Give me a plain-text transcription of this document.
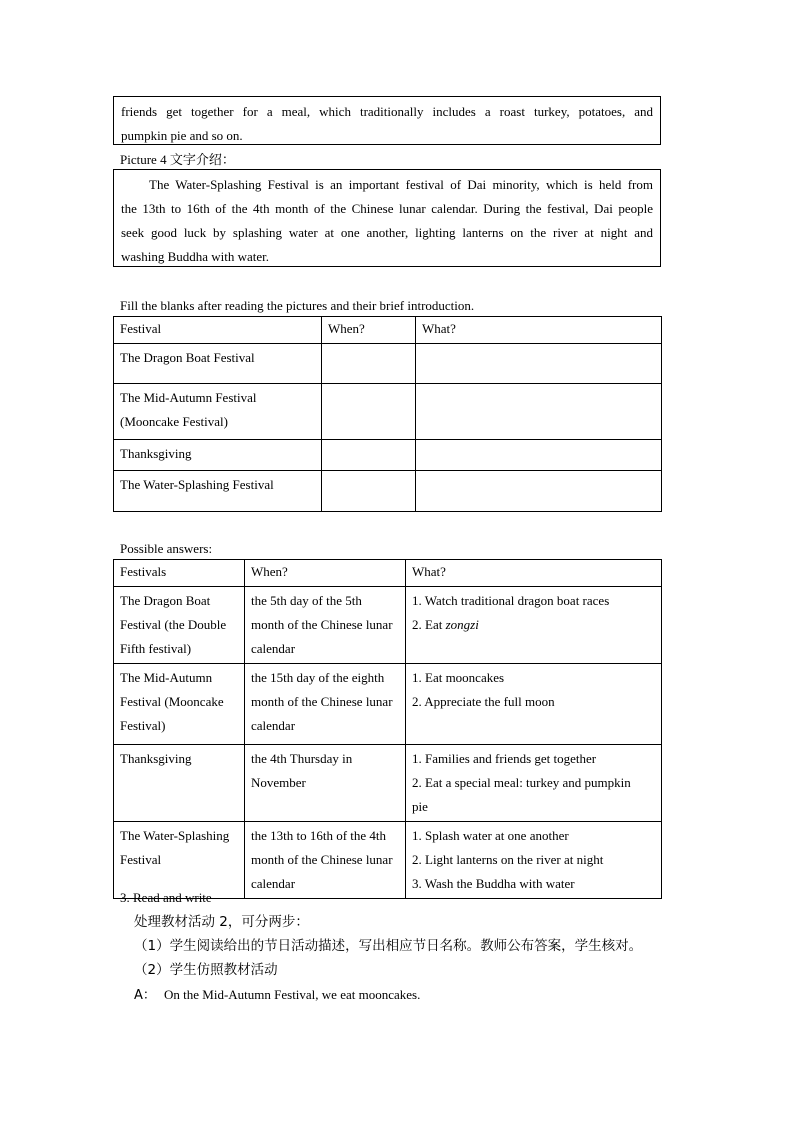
friends get together for a meal, which traditionally includes a roast turkey, potatoes, and
pumpkin pie and so on.
Picture 4 文字介绍：
The Water-Splashing Festival is an important festival of Dai minority, which is held from
the 13th to 16th of the 4th month of the Chinese lunar calendar. During the festival, Dai people
seek good luck by splashing water at one another, lighting lanterns on the river at night and
washing Buddha with water.
Fill the blanks after reading the pictures and their brief introduction.
Festival	When?	What?

The Dragon Boat Festival		

The Mid-Autumn Festival
(Mooncake Festival)		

Thanksgiving		

The Water-Splashing Festival		

Possible answers:
Festivals	When?	What?

The Dragon Boat
Festival (the Double
Fifth festival)	the 5th day of the 5th
month of the Chinese lunar
calendar	1. Watch traditional dragon boat races
2. Eat zongzi

The Mid-Autumn
Festival (Mooncake
Festival)	the 15th day of the eighth
month of the Chinese lunar
calendar	1. Eat mooncakes
2. Appreciate the full moon

Thanksgiving	the 4th Thursday in
November	1. Families and friends get together
2. Eat a special meal: turkey and pumpkin
pie

The Water-Splashing
Festival	the 13th to 16th of the 4th
month of the Chinese lunar
calendar	1. Splash water at one another
2. Light lanterns on the river at night
3. Wash the Buddha with water
3. Read and write
处理教材活动 2，可分两步：
（1）学生阅读给出的节日活动描述，写出相应节日名称。教师公布答案，学生核对。
（2）学生仿照教材活动
A： On the Mid-Autumn Festival, we eat mooncakes.
